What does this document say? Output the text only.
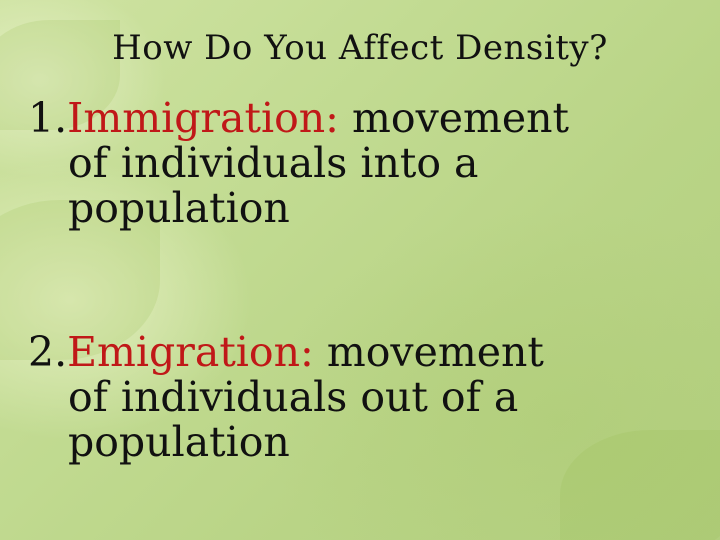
How Do You Affect Density?
1.Immigration: movement
of individuals into a
population
2.Emigration: movement
of individuals out of a
population
